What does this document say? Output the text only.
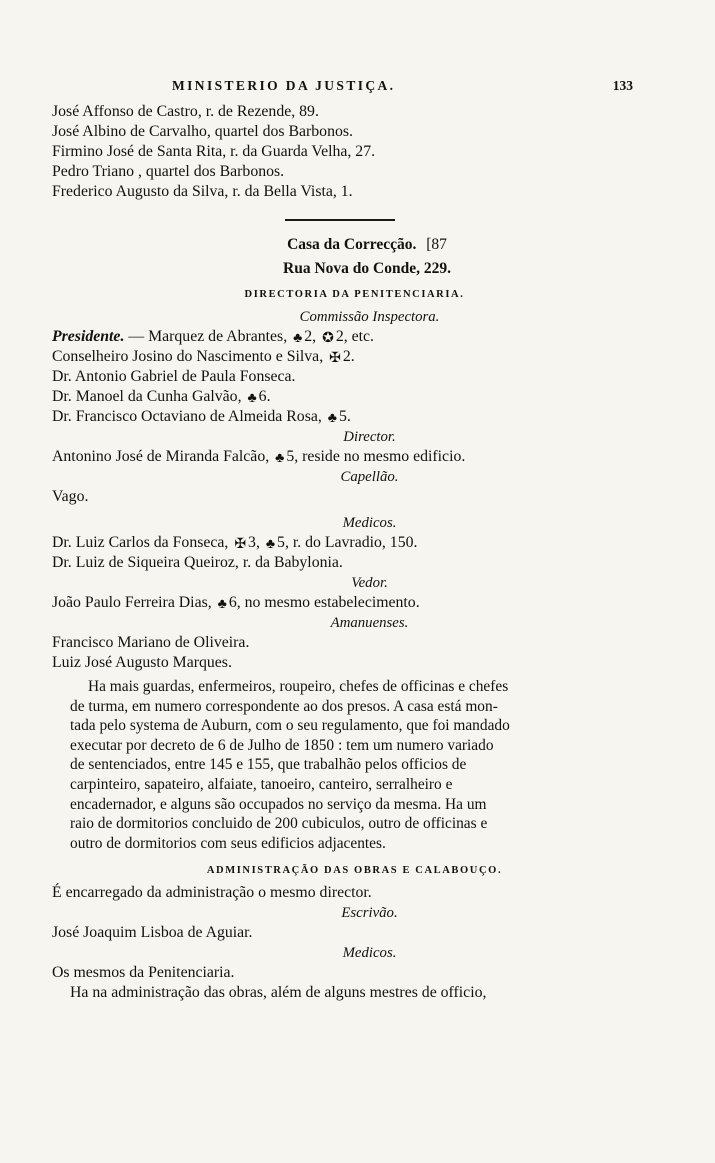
MINISTERIO DA JUSTIÇA.	133
José Affonso de Castro, r. de Rezende, 89.
José Albino de Carvalho, quartel dos Barbonos.
Firmino José de Santa Rita, r. da Guarda Velha, 27.
Pedro Triano , quartel dos Barbonos.
Frederico Augusto da Silva, r. da Bella Vista, 1.
Casa da Correcção. [87
Rua Nova do Conde, 229.
DIRECTORIA DA PENITENCIARIA.
Commissão Inspectora.
Presidente. — Marquez de Abrantes, ♣ 2, ✪ 2, etc.
Conselheiro Josino do Nascimento e Silva, ✠ 2.
Dr. Antonio Gabriel de Paula Fonseca.
Dr. Manoel da Cunha Galvão, ♣ 6.
Dr. Francisco Octaviano de Almeida Rosa, ♣ 5.
Director.
Antonino José de Miranda Falcão, ♣ 5, reside no mesmo edificio.
Capellão.
Vago.
Medicos.
Dr. Luiz Carlos da Fonseca, ✠ 3, ♣ 5, r. do Lavradio, 150.
Dr. Luiz de Siqueira Queiroz, r. da Babylonia.
Vedor.
João Paulo Ferreira Dias, ♣ 6, no mesmo estabelecimento.
Amanuenses.
Francisco Mariano de Oliveira.
Luiz José Augusto Marques.
Ha mais guardas, enfermeiros, roupeiro, chefes de officinas e chefes
de turma, em numero correspondente ao dos presos. A casa está mon-
tada pelo systema de Auburn, com o seu regulamento, que foi mandado
executar por decreto de 6 de Julho de 1850 : tem um numero variado
de sentenciados, entre 145 e 155, que trabalhão pelos officios de
carpinteiro, sapateiro, alfaiate, tanoeiro, canteiro, serralheiro e
encadernador, e alguns são occupados no serviço da mesma. Ha um
raio de dormitorios concluido de 200 cubiculos, outro de officinas e
outro de dormitorios com seus edificios adjacentes.
ADMINISTRAÇÃO DAS OBRAS E CALABOUÇO.
É encarregado da administração o mesmo director.
Escrivão.
José Joaquim Lisboa de Aguiar.
Medicos.
Os mesmos da Penitenciaria.
Ha na administração das obras, além de alguns mestres de officio,
